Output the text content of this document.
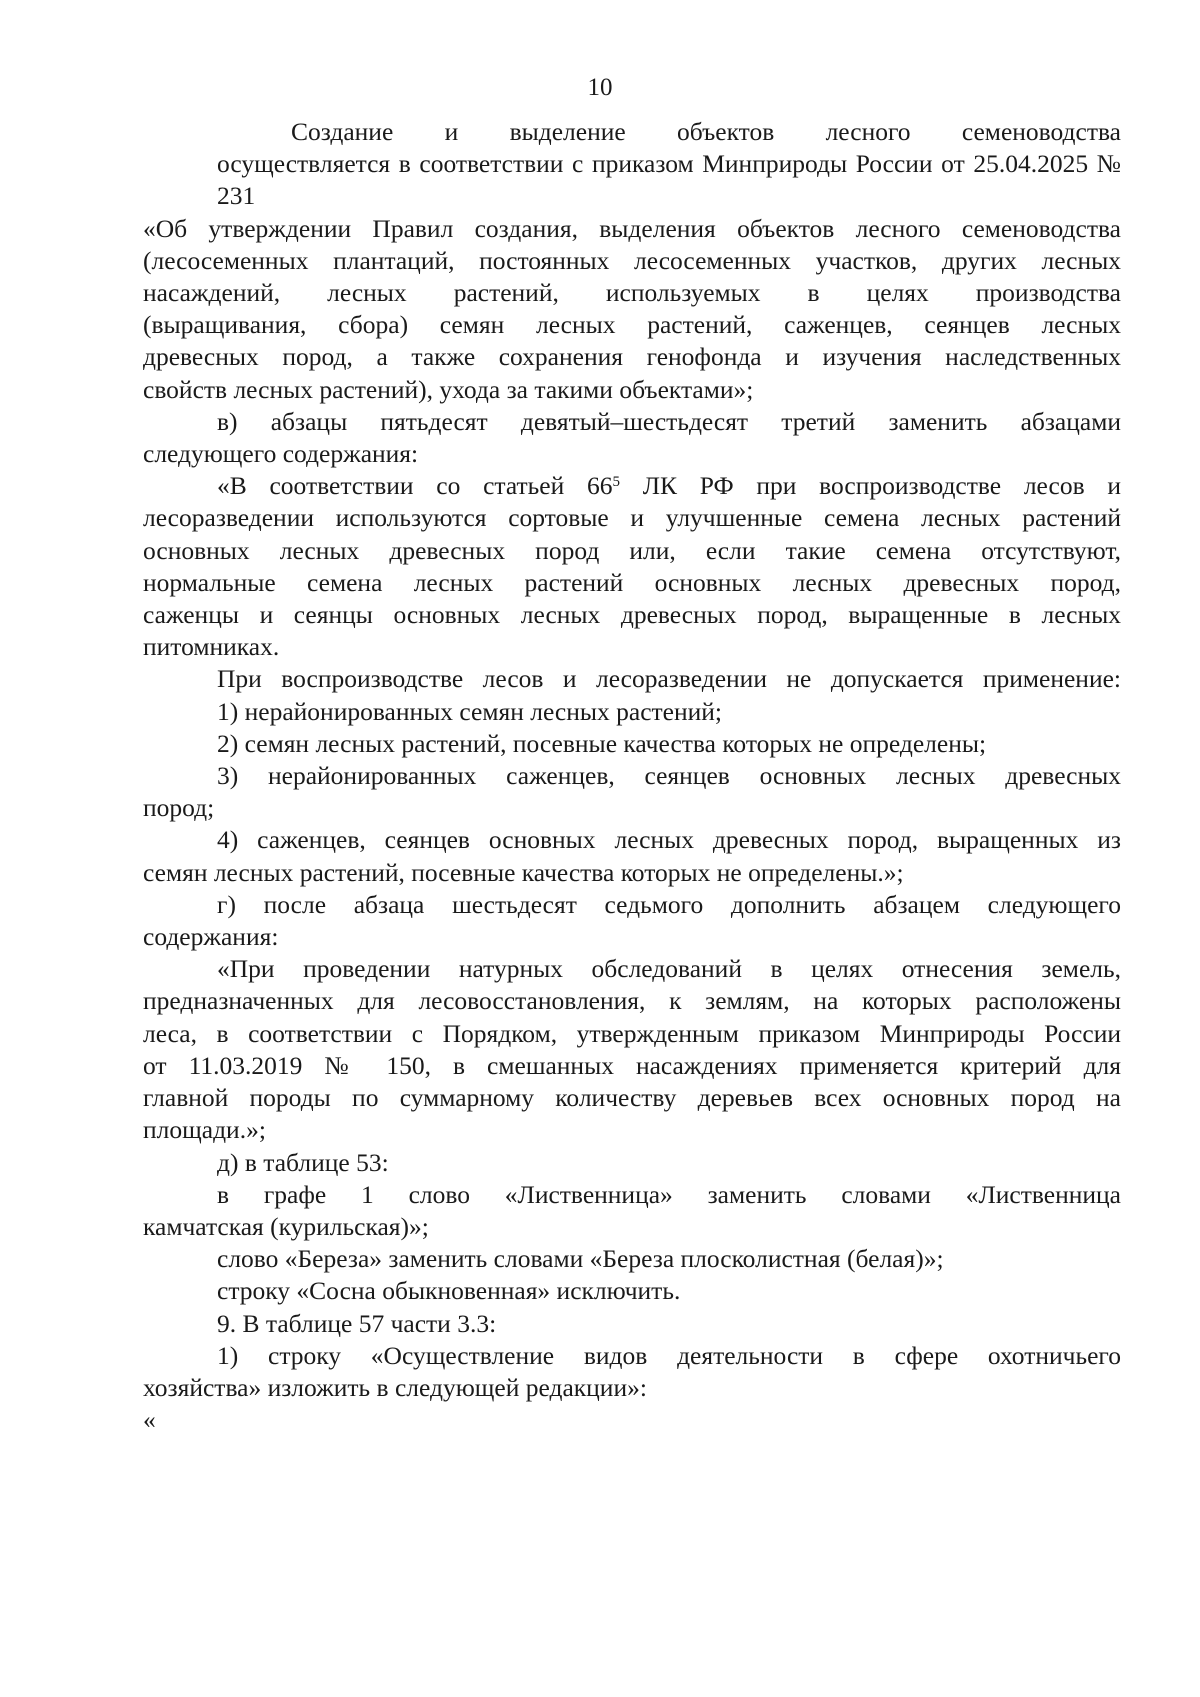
10
Создание и выделение объектов лесного семеноводства
осуществляется в соответствии с приказом Минприроды России от 25.04.2025 №
231
«Об утверждении Правил создания, выделения объектов лесного семеноводства
(лесосеменных плантаций, постоянных лесосеменных участков, других лесных
насаждений, лесных растений, используемых в целях производства
(выращивания, сбора) семян лесных растений, саженцев, сеянцев лесных
древесных пород, а также сохранения генофонда и изучения наследственных
свойств лесных растений), ухода за такими объектами»;
в) абзацы пятьдесят девятый–шестьдесят третий заменить абзацами
следующего содержания:
«В соответствии со статьей $66^5$ ЛК РФ при воспроизводстве лесов и
лесоразведении используются сортовые и улучшенные семена лесных растений
основных лесных древесных пород или, если такие семена отсутствуют,
нормальные семена лесных растений основных лесных древесных пород,
саженцы и сеянцы основных лесных древесных пород, выращенные в лесных
питомниках.
При воспроизводстве лесов и лесоразведении не допускается применение:
1) нерайонированных семян лесных растений;
2) семян лесных растений, посевные качества которых не определены;
3) нерайонированных саженцев, сеянцев основных лесных древесных
пород;
4) саженцев, сеянцев основных лесных древесных пород, выращенных из
семян лесных растений, посевные качества которых не определены.»;
г) после абзаца шестьдесят седьмого дополнить абзацем следующего
содержания:
«При проведении натурных обследований в целях отнесения земель,
предназначенных для лесовосстановления, к землям, на которых расположены
леса, в соответствии с Порядком, утвержденным приказом Минприроды России
от 11.03.2019 № 150, в смешанных насаждениях применяется критерий для
главной породы по суммарному количеству деревьев всех основных пород на
площади.»;
д) в таблице 53:
в графе 1 слово «Лиственница» заменить словами «Лиственница
камчатская (курильская)»;
слово «Береза» заменить словами «Береза плосколистная (белая)»;
строку «Сосна обыкновенная» исключить.
9. В таблице 57 части 3.3:
1) строку «Осуществление видов деятельности в сфере охотничьего
хозяйства» изложить в следующей редакции»:
«
